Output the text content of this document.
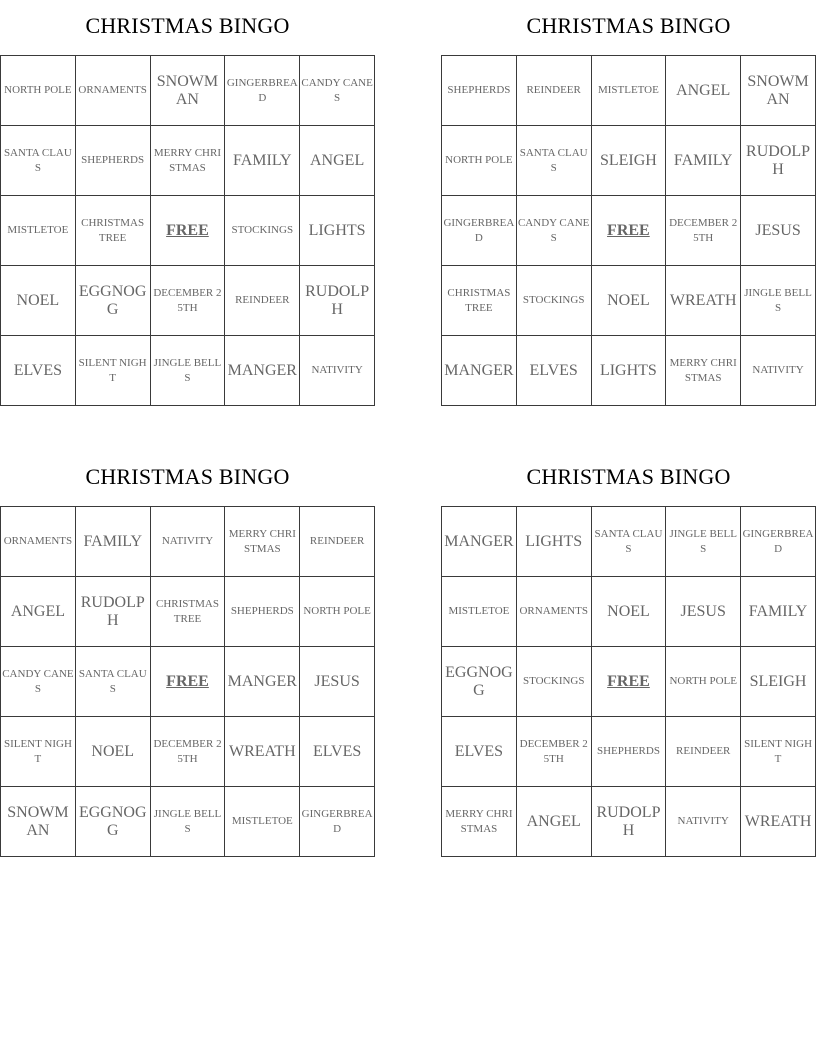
CHRISTMAS BINGO
NORTH POLE	ORNAMENTS	SNOWMAN	GINGERBREAD	CANDY CANES
SANTA CLAUS	SHEPHERDS	MERRY CHRISTMAS	FAMILY	ANGEL
MISTLETOE	CHRISTMAS TREE	FREE	STOCKINGS	LIGHTS
NOEL	EGGNOGG	DECEMBER 25TH	REINDEER	RUDOLPH
ELVES	SILENT NIGHT	JINGLE BELLS	MANGER	NATIVITY
CHRISTMAS BINGO
SHEPHERDS	REINDEER	MISTLETOE	ANGEL	SNOWMAN
NORTH POLE	SANTA CLAUS	SLEIGH	FAMILY	RUDOLPH
GINGERBREAD	CANDY CANES	FREE	DECEMBER 25TH	JESUS
CHRISTMAS TREE	STOCKINGS	NOEL	WREATH	JINGLE BELLS
MANGER	ELVES	LIGHTS	MERRY CHRISTMAS	NATIVITY
CHRISTMAS BINGO
ORNAMENTS	FAMILY	NATIVITY	MERRY CHRISTMAS	REINDEER
ANGEL	RUDOLPH	CHRISTMAS TREE	SHEPHERDS	NORTH POLE
CANDY CANES	SANTA CLAUS	FREE	MANGER	JESUS
SILENT NIGHT	NOEL	DECEMBER 25TH	WREATH	ELVES
SNOWMAN	EGGNOGG	JINGLE BELLS	MISTLETOE	GINGERBREAD
CHRISTMAS BINGO
MANGER	LIGHTS	SANTA CLAUS	JINGLE BELLS	GINGERBREAD
MISTLETOE	ORNAMENTS	NOEL	JESUS	FAMILY
EGGNOGG	STOCKINGS	FREE	NORTH POLE	SLEIGH
ELVES	DECEMBER 25TH	SHEPHERDS	REINDEER	SILENT NIGHT
MERRY CHRISTMAS	ANGEL	RUDOLPH	NATIVITY	WREATH
